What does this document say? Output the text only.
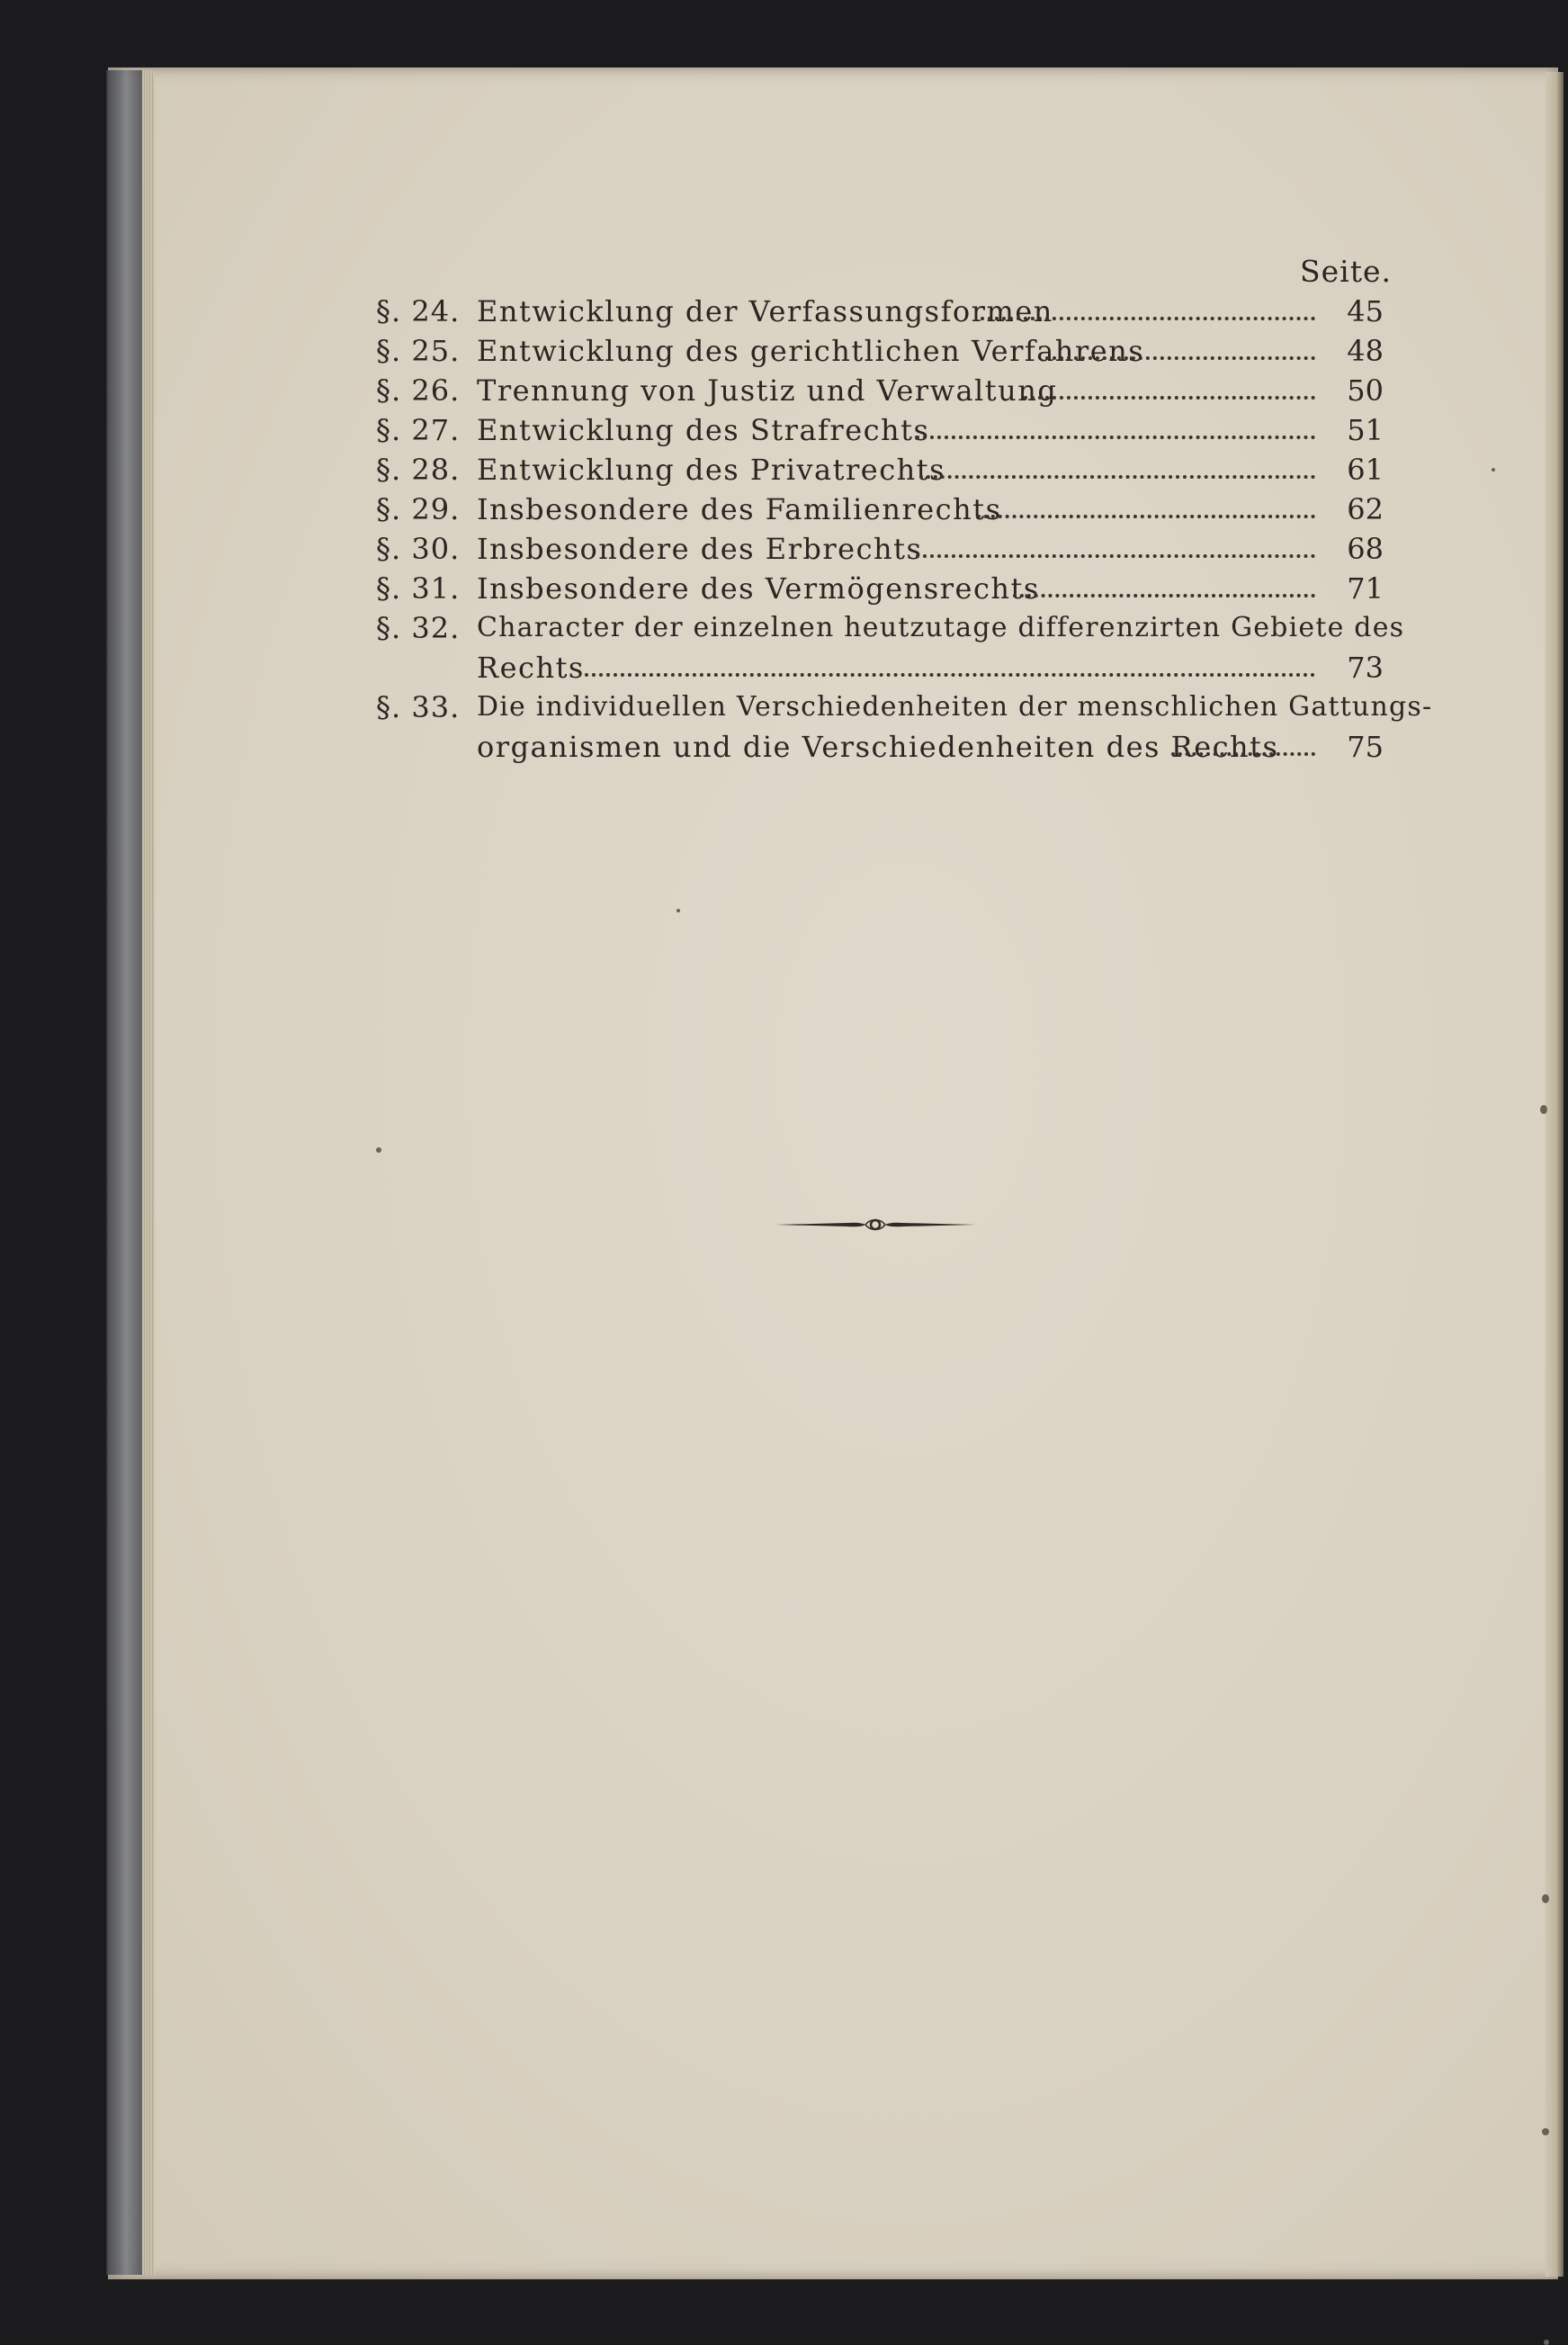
Seite.
§. 24. Entwicklung der Verfassungsformen	45
§. 25. Entwicklung des gerichtlichen Verfahrens	48
§. 26. Trennung von Justiz und Verwaltung	50
§. 27. Entwicklung des Strafrechts	51
§. 28. Entwicklung des Privatrechts	61
§. 29. Insbesondere des Familienrechts	62
§. 30. Insbesondere des Erbrechts	68
§. 31. Insbesondere des Vermögensrechts	71
§. 32. Character der einzelnen heutzutage differenzirten Gebiete des
Rechts	73
§. 33. Die individuellen Verschiedenheiten der menschlichen Gattungs-
organismen und die Verschiedenheiten des Rechts	75
